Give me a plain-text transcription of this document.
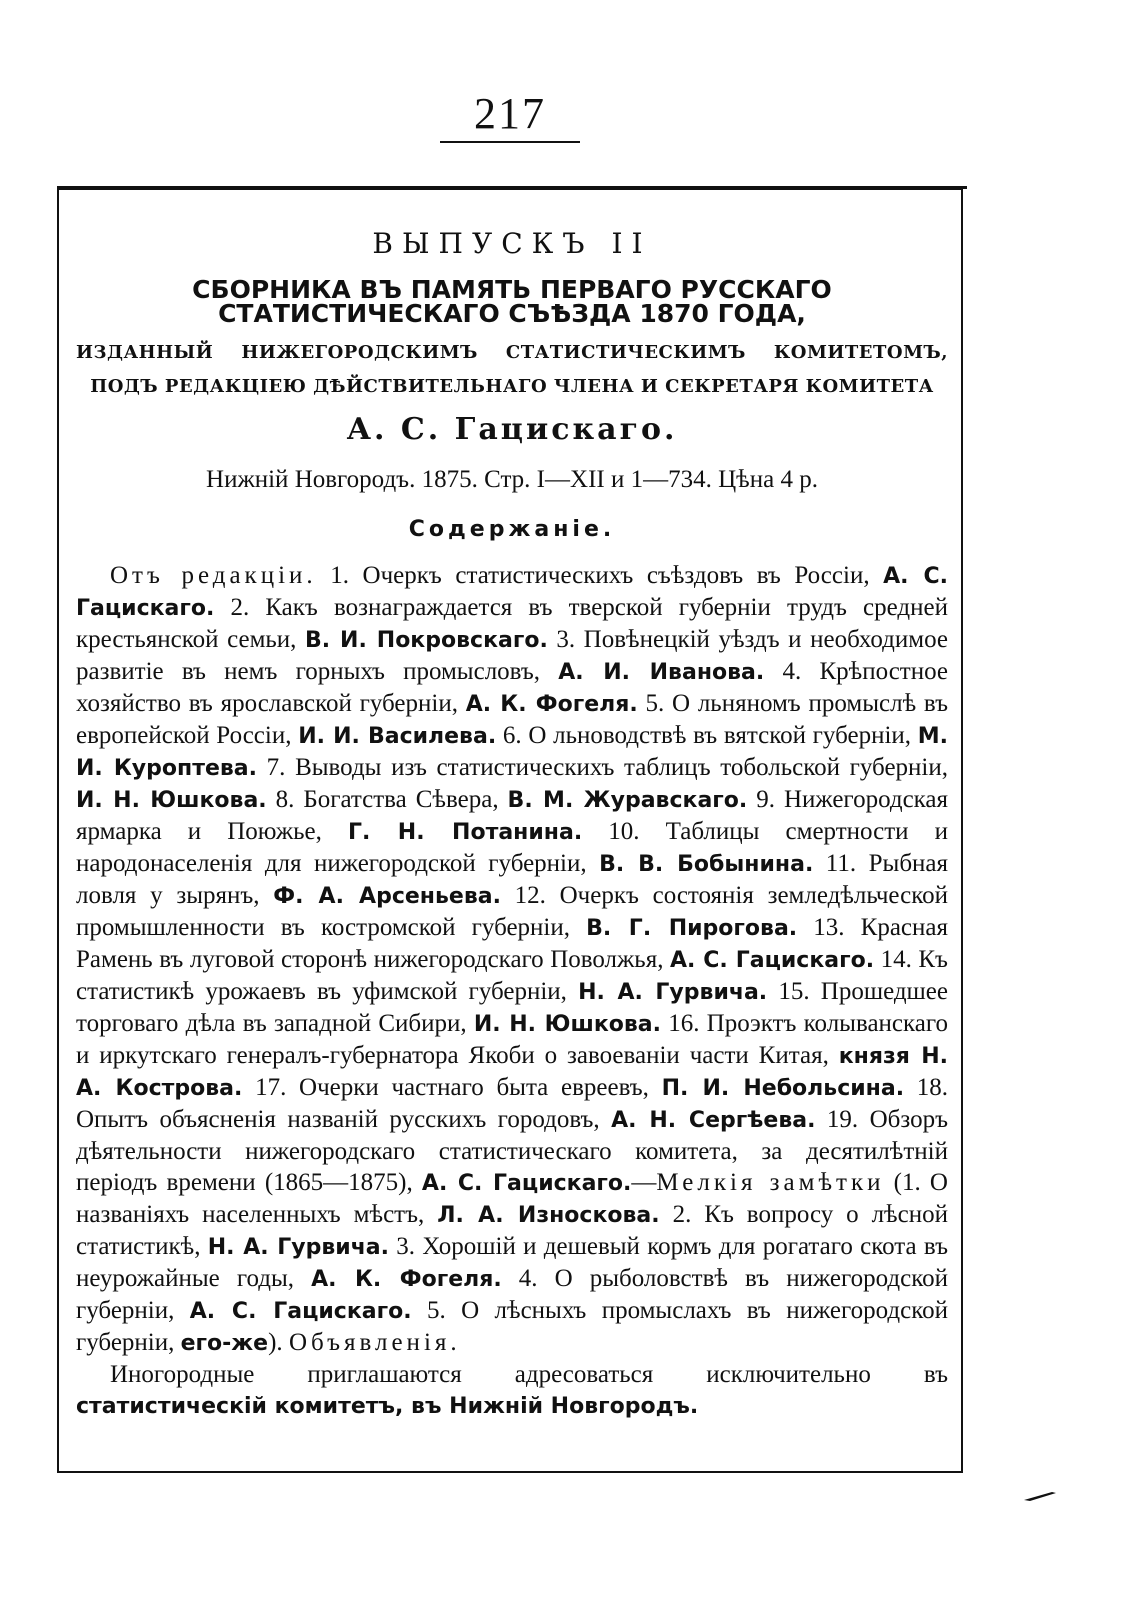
217

ВЫПУСКЪ II

СБОРНИКА ВЪ ПАМЯТЬ ПЕРВАГО РУССКАГО СТАТИСТИЧЕСКАГО СЪѢЗДА 1870 ГОДА,

ИЗДАННЫЙ НИЖЕГОРОДСКИМЪ СТАТИСТИЧЕСКИМЪ КОМИТЕТОМЪ, ПОДЪ РЕДАКЦІЕЮ ДѢЙСТВИТЕЛЬНАГО ЧЛЕНА И СЕКРЕТАРЯ КОМИТЕТА

А. С. Гацискаго.

Нижній Новгородъ. 1875. Стр. I—XII и 1—734. Цѣна 4 р.

Содержаніе.

Отъ редакціи. 1. Очеркъ статистическихъ съѣздовъ въ Россіи, А. С. Гацискаго. 2. Какъ вознаграждается въ тверской губерніи трудъ средней крестьянской семьи, В. И. Покровскаго. 3. Повѣнецкій уѣздъ и необходимое развитіе въ немъ горныхъ промысловъ, А. И. Иванова. 4. Крѣпостное хозяйство въ ярославской губерніи, А. К. Фогеля. 5. О льняномъ промыслѣ въ европейской Россіи, И. И. Василева. 6. О льноводствѣ въ вятской губерніи, М. И. Куроптева. 7. Выводы изъ статистическихъ таблицъ тобольской губерніи, И. Н. Юшкова. 8. Богатства Сѣвера, В. М. Журавскаго. 9. Нижегородская ярмарка и Поюжье, Г. Н. Потанина. 10. Таблицы смертности и народонаселенія для нижегородской губерніи, В. В. Бобынина. 11. Рыбная ловля у зырянъ, Ф. А. Арсеньева. 12. Очеркъ состоянія земледѣльческой промышленности въ костромской губерніи, В. Г. Пирогова. 13. Красная Рамень въ луговой сторонѣ нижегородскаго Поволжья, А. С. Гацискаго. 14. Къ статистикѣ урожаевъ въ уфимской губерніи, Н. А. Гурвича. 15. Прошедшее торговаго дѣла въ западной Сибири, И. Н. Юшкова. 16. Проэктъ колыванскаго и иркутскаго генералъ-губернатора Якоби о завоеваніи части Китая, князя Н. А. Кострова. 17. Очерки частнаго быта евреевъ, П. И. Небольсина. 18. Опытъ объясненія названій русскихъ городовъ, А. Н. Сергѣева. 19. Обзоръ дѣятельности нижегородскаго статистическаго комитета, за десятилѣтній періодъ времени (1865—1875), А. С. Гацискаго.—Мелкія замѣтки (1. О названіяхъ населенныхъ мѣстъ, Л. А. Износкова. 2. Къ вопросу о лѣсной статистикѣ, Н. А. Гурвича. 3. Хорошій и дешевый кормъ для рогатаго скота въ неурожайные годы, А. К. Фогеля. 4. О рыболовствѣ въ нижегородской губерніи, А. С. Гацискаго. 5. О лѣсныхъ промыслахъ въ нижегородской губерніи, его-же). Объявленія.

Иногородные приглашаются адресоваться исключительно въ статистическій комитетъ, въ Нижній Новгородъ.
